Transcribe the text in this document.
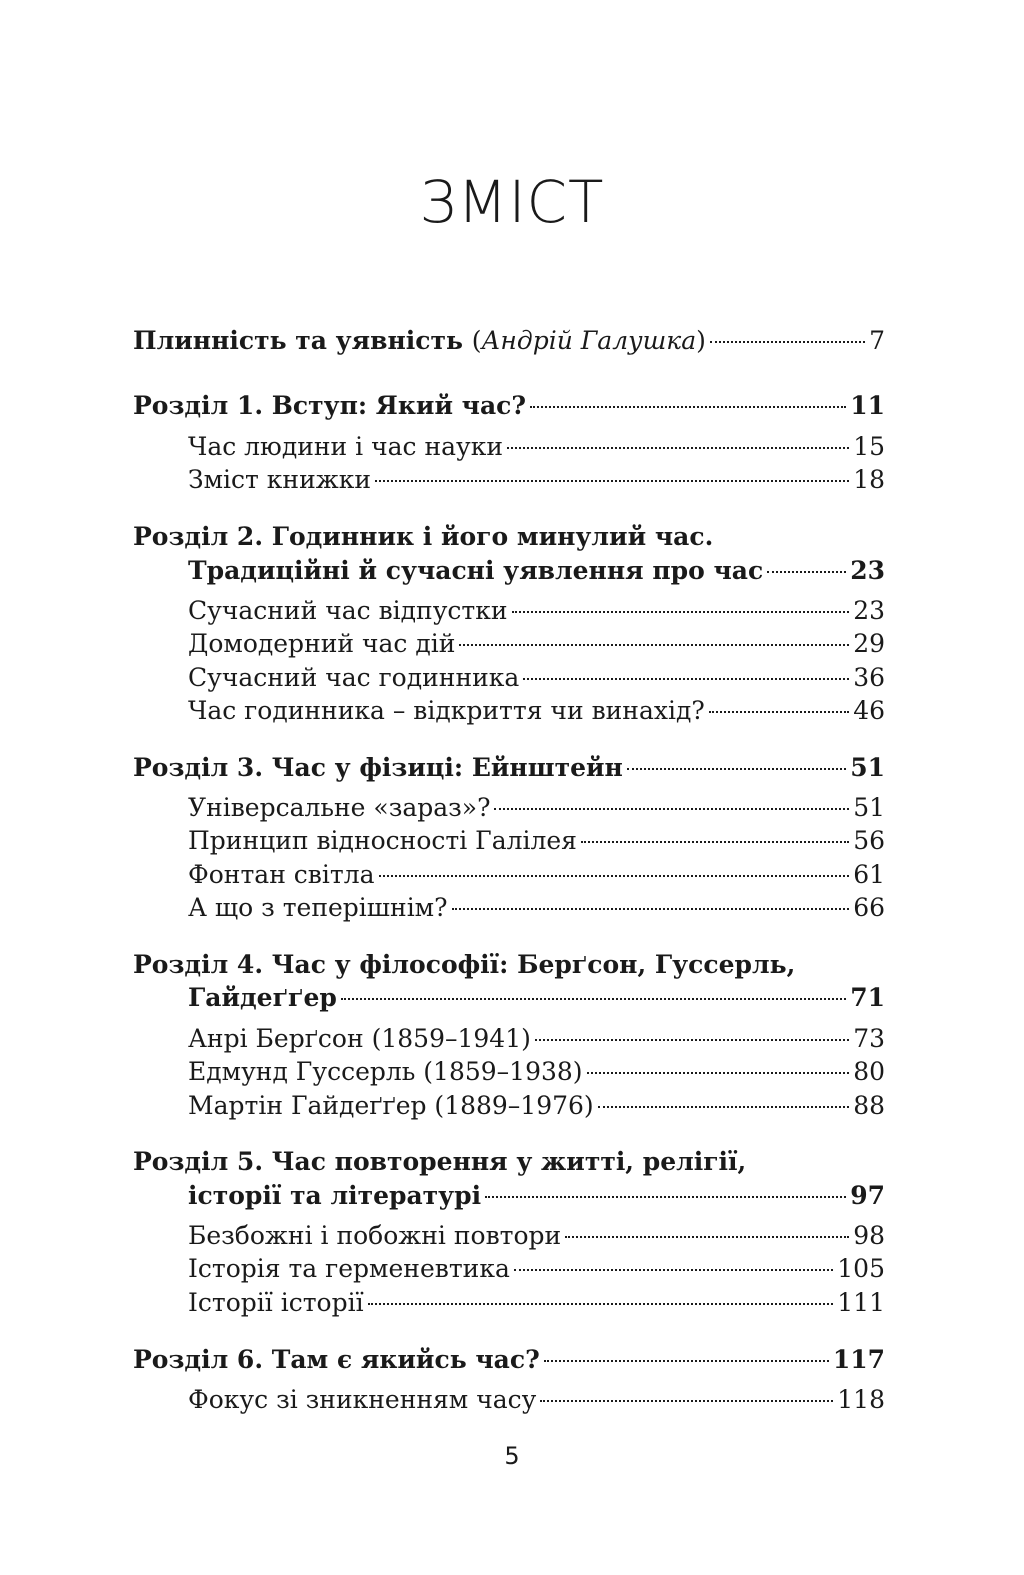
ЗМІСТ
Плинність та уявність (Андрій Галушка)	7
Розділ 1. Вступ: Який час?	11
Час людини і час науки	15
Зміст книжки	18
Розділ 2. Годинник і його минулий час.
Традиційні й сучасні уявлення про час	23
Сучасний час відпустки	23
Домодерний час дій	29
Сучасний час годинника	36
Час годинника – відкриття чи винахід?	46
Розділ 3. Час у фізиці: Ейнштейн	51
Універсальне «зараз»?	51
Принцип відносності Галілея	56
Фонтан світла	61
А що з теперішнім?	66
Розділ 4. Час у філософії: Берґсон, Гуссерль,
Гайдеґґер	71
Анрі Берґсон (1859–1941)	73
Едмунд Гуссерль (1859–1938)	80
Мартін Гайдеґґер (1889–1976)	88
Розділ 5. Час повторення у житті, релігії,
історії та літературі	97
Безбожні і побожні повтори	98
Історія та герменевтика	105
Історії історії	111
Розділ 6. Там є якийсь час?	117
Фокус зі зникненням часу	118
5
